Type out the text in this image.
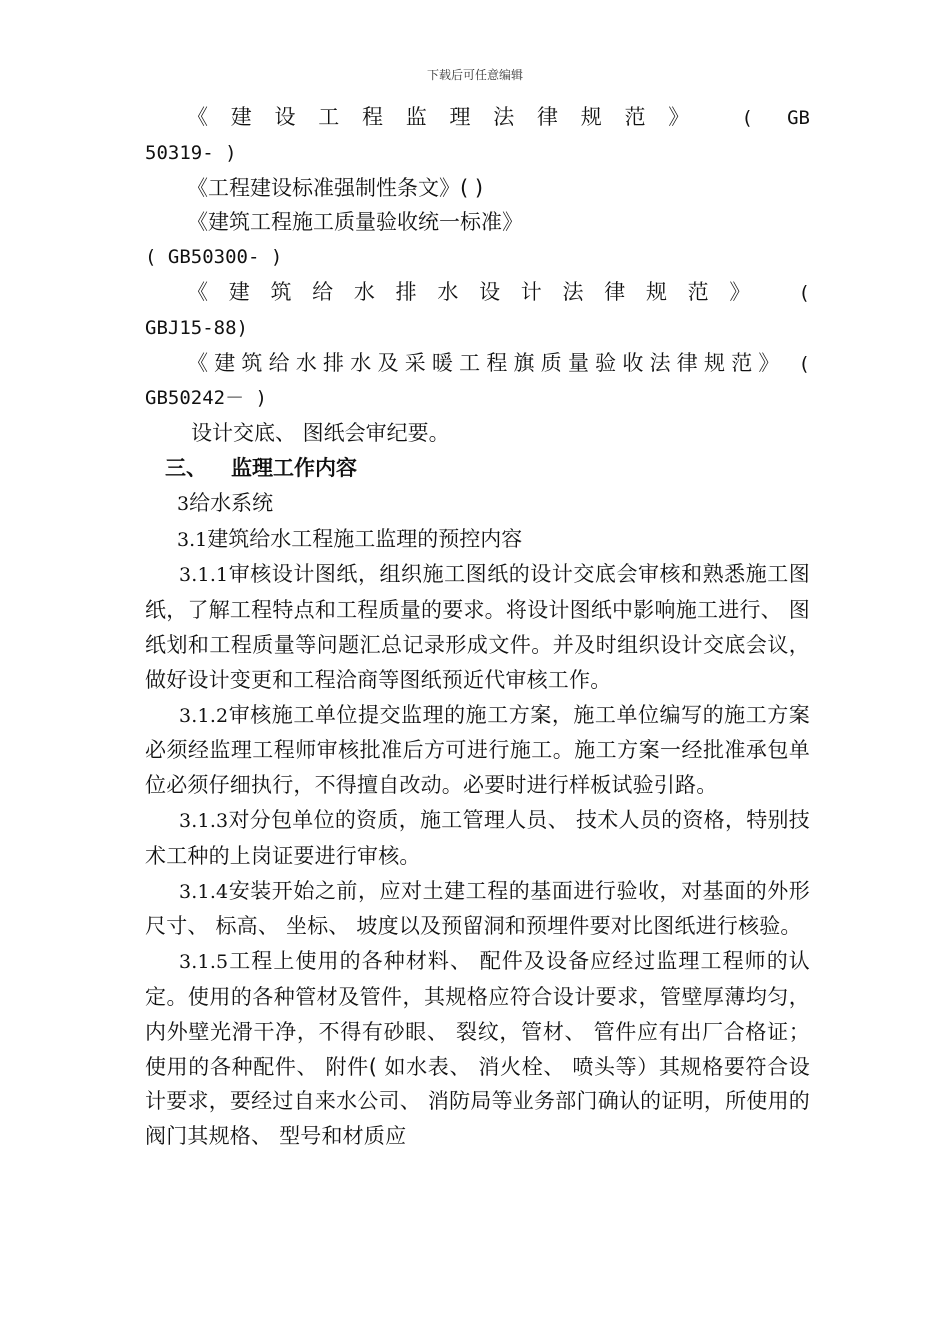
下载后可任意编辑

《建设工程监理法律规范》 ( GB

50319- )

《工程建设标准强制性条文》( )

《建筑工程施工质量验收统一标准》

( GB50300- )

《建筑给水排水设计法律规范》 (

GBJ15-88)

《建筑给水排水及采暖工程旗质量验收法律规范》 (

GB50242－ )

设计交底、 图纸会审纪要。

三、 监理工作内容

3给水系统

3.1建筑给水工程施工监理的预控内容

3.1.1审核设计图纸，组织施工图纸的设计交底会审核和熟悉施工图纸，了解工程特点和工程质量的要求。将设计图纸中影响施工进行、 图纸划和工程质量等问题汇总记录形成文件。并及时组织设计交底会议，做好设计变更和工程洽商等图纸预近代审核工作。

3.1.2审核施工单位提交监理的施工方案，施工单位编写的施工方案必须经监理工程师审核批准后方可进行施工。施工方案一经批准承包单位必须仔细执行，不得擅自改动。必要时进行样板试验引路。

3.1.3对分包单位的资质，施工管理人员、 技术人员的资格，特别技术工种的上岗证要进行审核。

3.1.4安装开始之前，应对土建工程的基面进行验收，对基面的外形尺寸、 标高、 坐标、 坡度以及预留洞和预埋件要对比图纸进行核验。

3.1.5工程上使用的各种材料、 配件及设备应经过监理工程师的认定。使用的各种管材及管件，其规格应符合设计要求，管壁厚薄均匀，内外壁光滑干净，不得有砂眼、 裂纹，管材、 管件应有出厂合格证；使用的各种配件、 附件( 如水表、 消火栓、 喷头等）其规格要符合设计要求，要经过自来水公司、 消防局等业务部门确认的证明，所使用的阀门其规格、 型号和材质应
